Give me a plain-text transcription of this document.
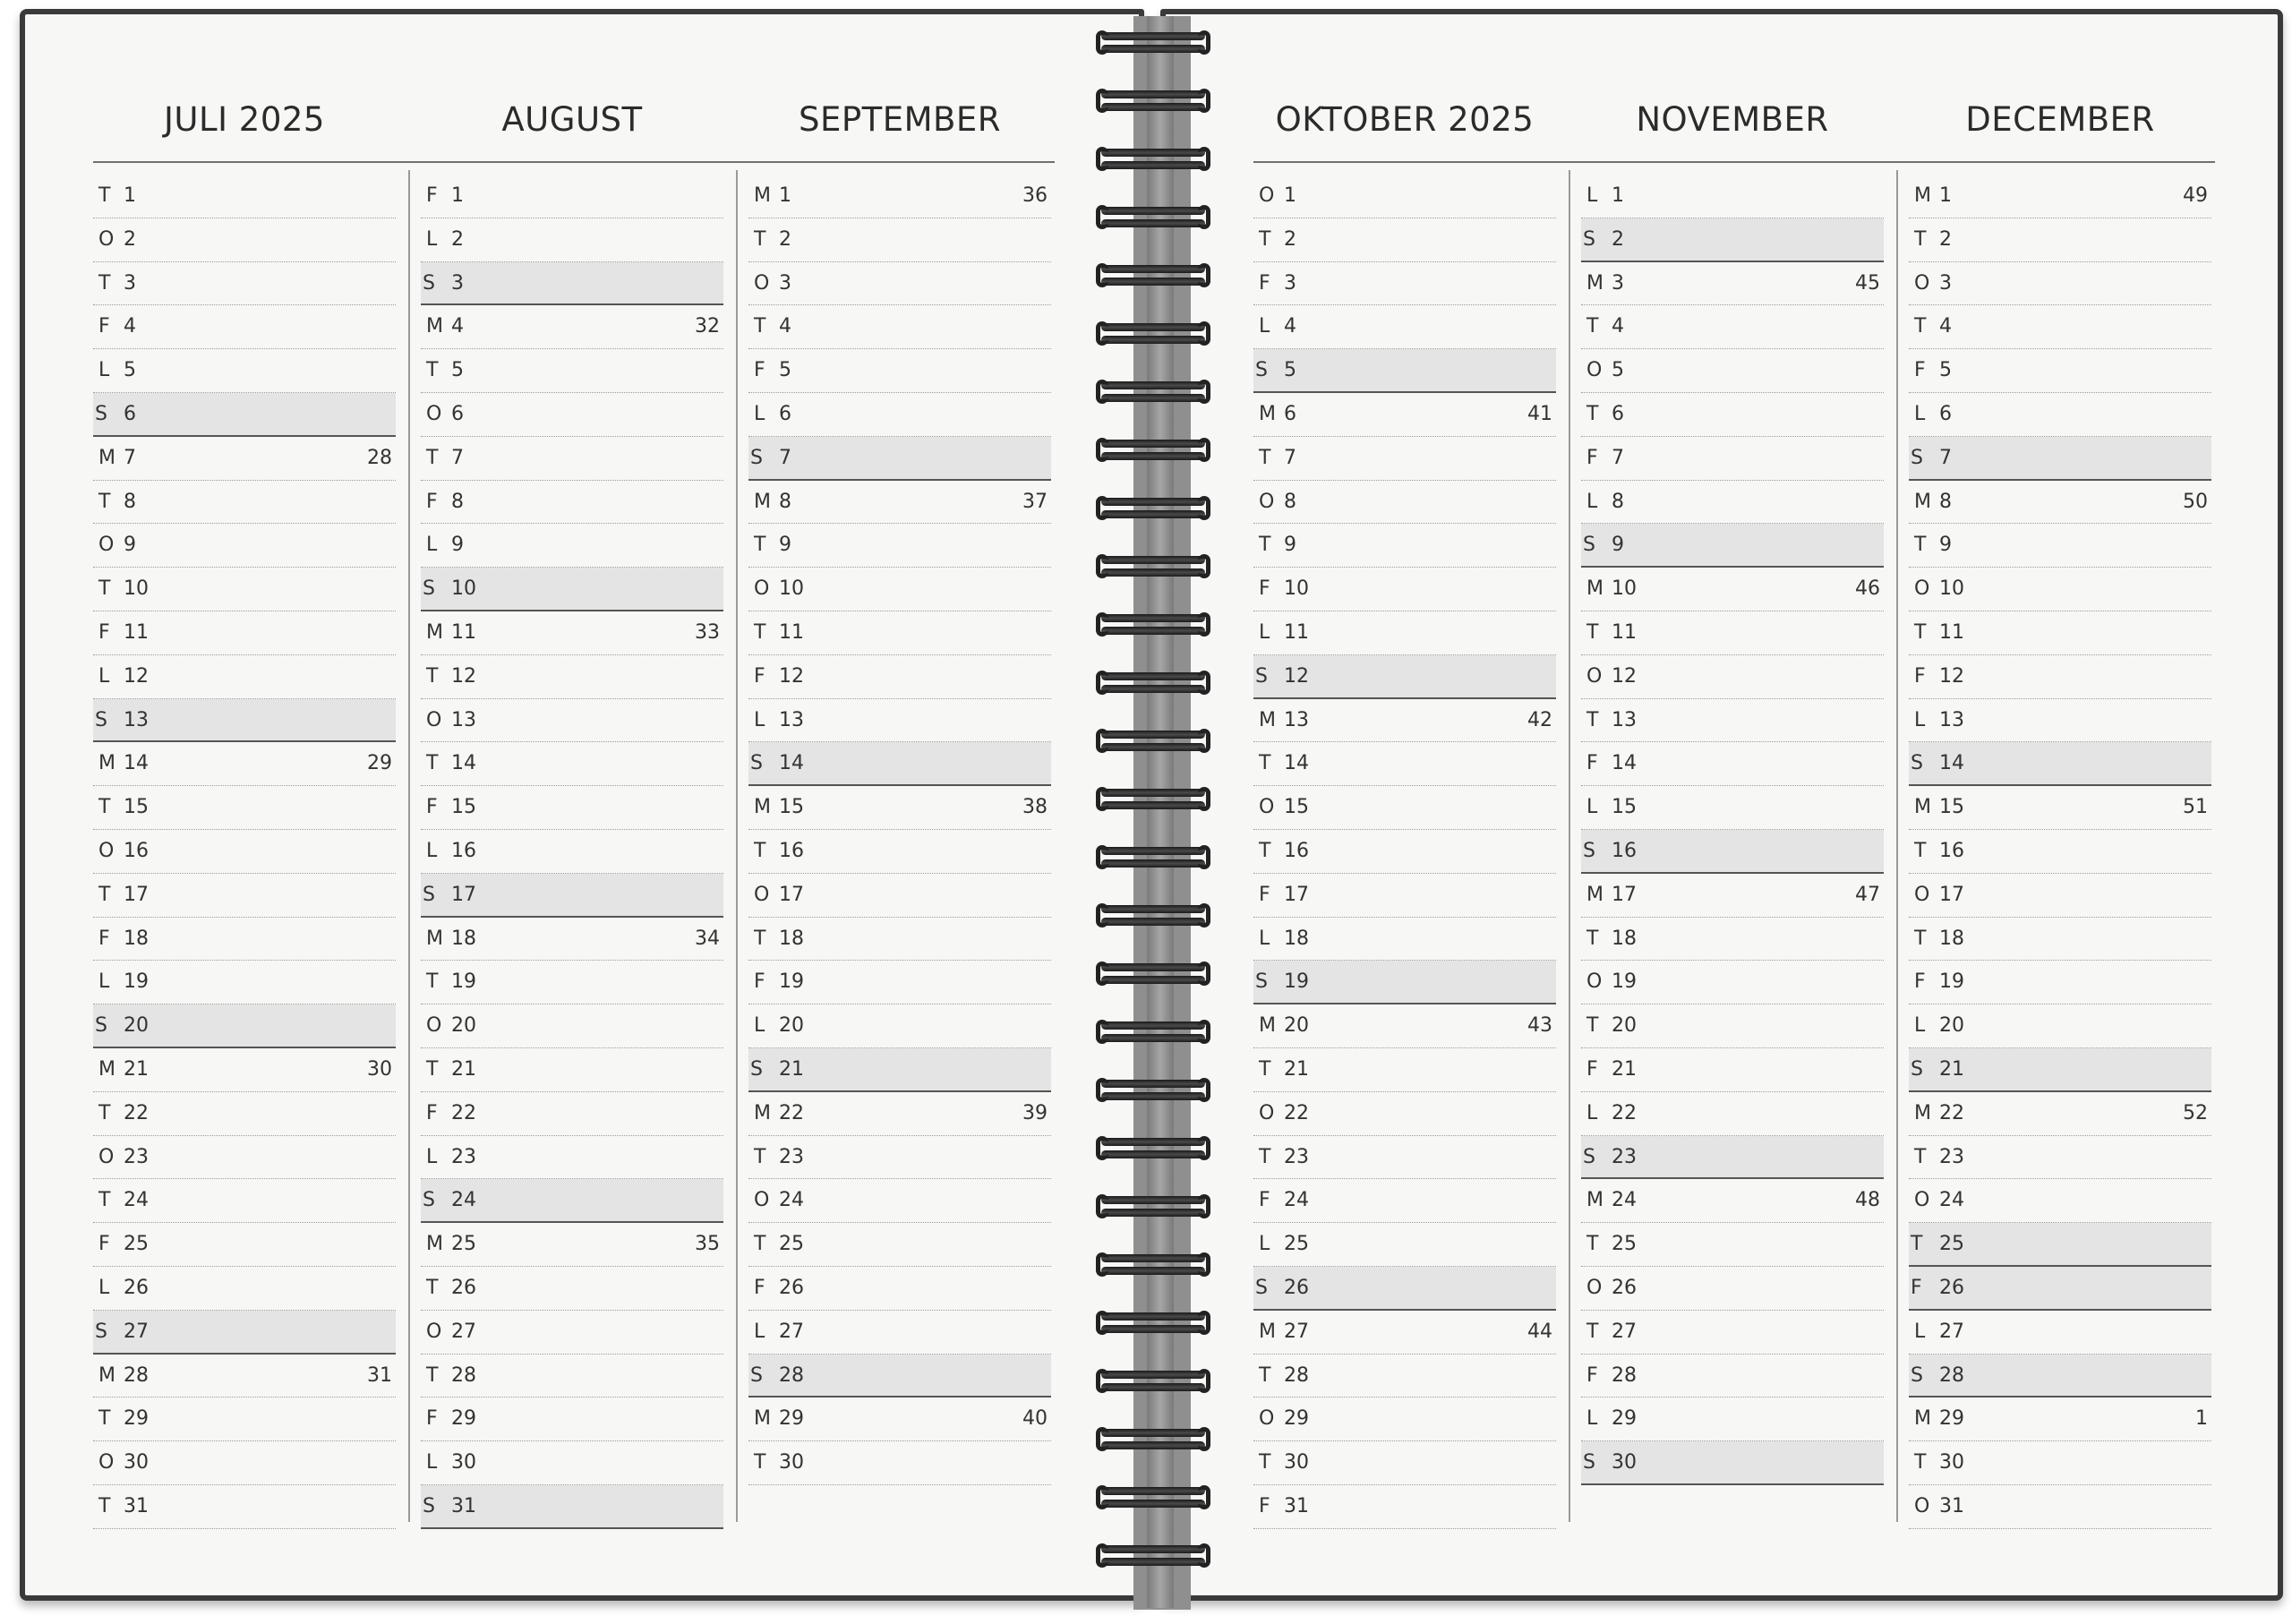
JULI 2025
T 1
O 2
T 3
F 4
L 5
S 6
M 7	28
T 8
O 9
T 10
F 11
L 12
S 13
M 14	29
T 15
O 16
T 17
F 18
L 19
S 20
M 21	30
T 22
O 23
T 24
F 25
L 26
S 27
M 28	31
T 29
O 30
T 31
AUGUST
F 1
L 2
S 3
M 4	32
T 5
O 6
T 7
F 8
L 9
S 10
M 11	33
T 12
O 13
T 14
F 15
L 16
S 17
M 18	34
T 19
O 20
T 21
F 22
L 23
S 24
M 25	35
T 26
O 27
T 28
F 29
L 30
S 31
SEPTEMBER
M 1	36
T 2
O 3
T 4
F 5
L 6
S 7
M 8	37
T 9
O 10
T 11
F 12
L 13
S 14
M 15	38
T 16
O 17
T 18
F 19
L 20
S 21
M 22	39
T 23
O 24
T 25
F 26
L 27
S 28
M 29	40
T 30
OKTOBER 2025
O 1
T 2
F 3
L 4
S 5
M 6	41
T 7
O 8
T 9
F 10
L 11
S 12
M 13	42
T 14
O 15
T 16
F 17
L 18
S 19
M 20	43
T 21
O 22
T 23
F 24
L 25
S 26
M 27	44
T 28
O 29
T 30
F 31
NOVEMBER
L 1
S 2
M 3	45
T 4
O 5
T 6
F 7
L 8
S 9
M 10	46
T 11
O 12
T 13
F 14
L 15
S 16
M 17	47
T 18
O 19
T 20
F 21
L 22
S 23
M 24	48
T 25
O 26
T 27
F 28
L 29
S 30
DECEMBER
M 1	49
T 2
O 3
T 4
F 5
L 6
S 7
M 8	50
T 9
O 10
T 11
F 12
L 13
S 14
M 15	51
T 16
O 17
T 18
F 19
L 20
S 21
M 22	52
T 23
O 24
T 25
F 26
L 27
S 28
M 29	1
T 30
O 31
